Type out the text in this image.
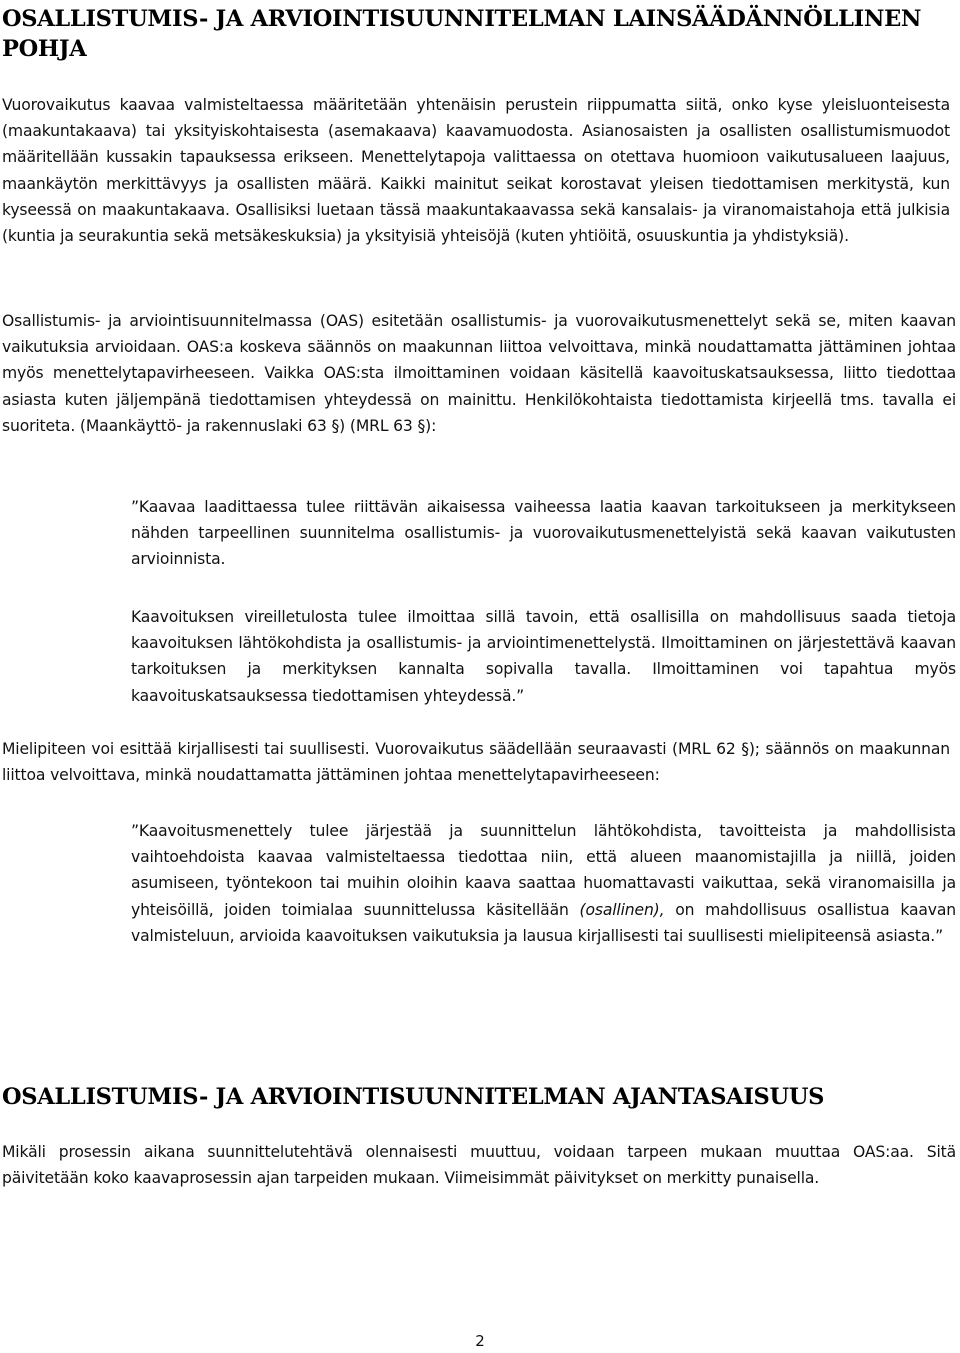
OSALLISTUMIS- JA ARVIOINTISUUNNITELMAN LAINSÄÄDÄNNÖLLINEN POHJA

Vuorovaikutus kaavaa valmisteltaessa määritetään yhtenäisin perustein riippumatta siitä, onko kyse yleisluonteisesta (maakuntakaava) tai yksityiskohtaisesta (asemakaava) kaavamuodosta. Asianosaisten ja osallisten osallistumismuodot määritellään kussakin tapauksessa erikseen. Menettelytapoja valittaessa on otettava huomioon vaikutusalueen laajuus, maankäytön merkittävyys ja osallisten määrä. Kaikki mainitut seikat korostavat yleisen tiedottamisen merkitystä, kun kyseessä on maakuntakaava. Osallisiksi luetaan tässä maakuntakaavassa sekä kansalais- ja viranomaistahoja että julkisia (kuntia ja seurakuntia sekä metsäkeskuksia) ja yksityisiä yhteisöjä (kuten yhtiöitä, osuuskuntia ja yhdistyksiä).

Osallistumis- ja arviointisuunnitelmassa (OAS) esitetään osallistumis- ja vuorovaikutusmenettelyt sekä se, miten kaavan vaikutuksia arvioidaan. OAS:a koskeva säännös on maakunnan liittoa velvoittava, minkä noudattamatta jättäminen johtaa myös menettelytapavirheeseen. Vaikka OAS:sta ilmoittaminen voidaan käsitellä kaavoituskatsauksessa, liitto tiedottaa asiasta kuten jäljempänä tiedottamisen yhteydessä on mainittu. Henkilökohtaista tiedottamista kirjeellä tms. tavalla ei suoriteta. (Maankäyttö- ja rakennuslaki 63 §) (MRL 63 §):

”Kaavaa laadittaessa tulee riittävän aikaisessa vaiheessa laatia kaavan tarkoitukseen ja merkitykseen nähden tarpeellinen suunnitelma osallistumis- ja vuorovaikutusmenettelyistä sekä kaavan vaikutusten arvioinnista.

Kaavoituksen vireilletulosta tulee ilmoittaa sillä tavoin, että osallisilla on mahdollisuus saada tietoja kaavoituksen lähtökohdista ja osallistumis- ja arviointimenettelystä. Ilmoittaminen on järjestettävä kaavan tarkoituksen ja merkityksen kannalta sopivalla tavalla. Ilmoittaminen voi tapahtua myös kaavoituskatsauksessa tiedottamisen yhteydessä.”

Mielipiteen voi esittää kirjallisesti tai suullisesti. Vuorovaikutus säädellään seuraavasti (MRL 62 §); säännös on maakunnan liittoa velvoittava, minkä noudattamatta jättäminen johtaa menettelytapavirheeseen:

”Kaavoitusmenettely tulee järjestää ja suunnittelun lähtökohdista, tavoitteista ja mahdollisista vaihtoehdoista kaavaa valmisteltaessa tiedottaa niin, että alueen maanomistajilla ja niillä, joiden asumiseen, työntekoon tai muihin oloihin kaava saattaa huomattavasti vaikuttaa, sekä viranomaisilla ja yhteisöillä, joiden toimialaa suunnittelussa käsitellään (osallinen), on mahdollisuus osallistua kaavan valmisteluun, arvioida kaavoituksen vaikutuksia ja lausua kirjallisesti tai suullisesti mielipiteensä asiasta.”

OSALLISTUMIS- JA ARVIOINTISUUNNITELMAN AJANTASAISUUS

Mikäli prosessin aikana suunnittelutehtävä olennaisesti muuttuu, voidaan tarpeen mukaan muuttaa OAS:aa. Sitä päivitetään koko kaavaprosessin ajan tarpeiden mukaan. Viimeisimmät päivitykset on merkitty punaisella.

2
